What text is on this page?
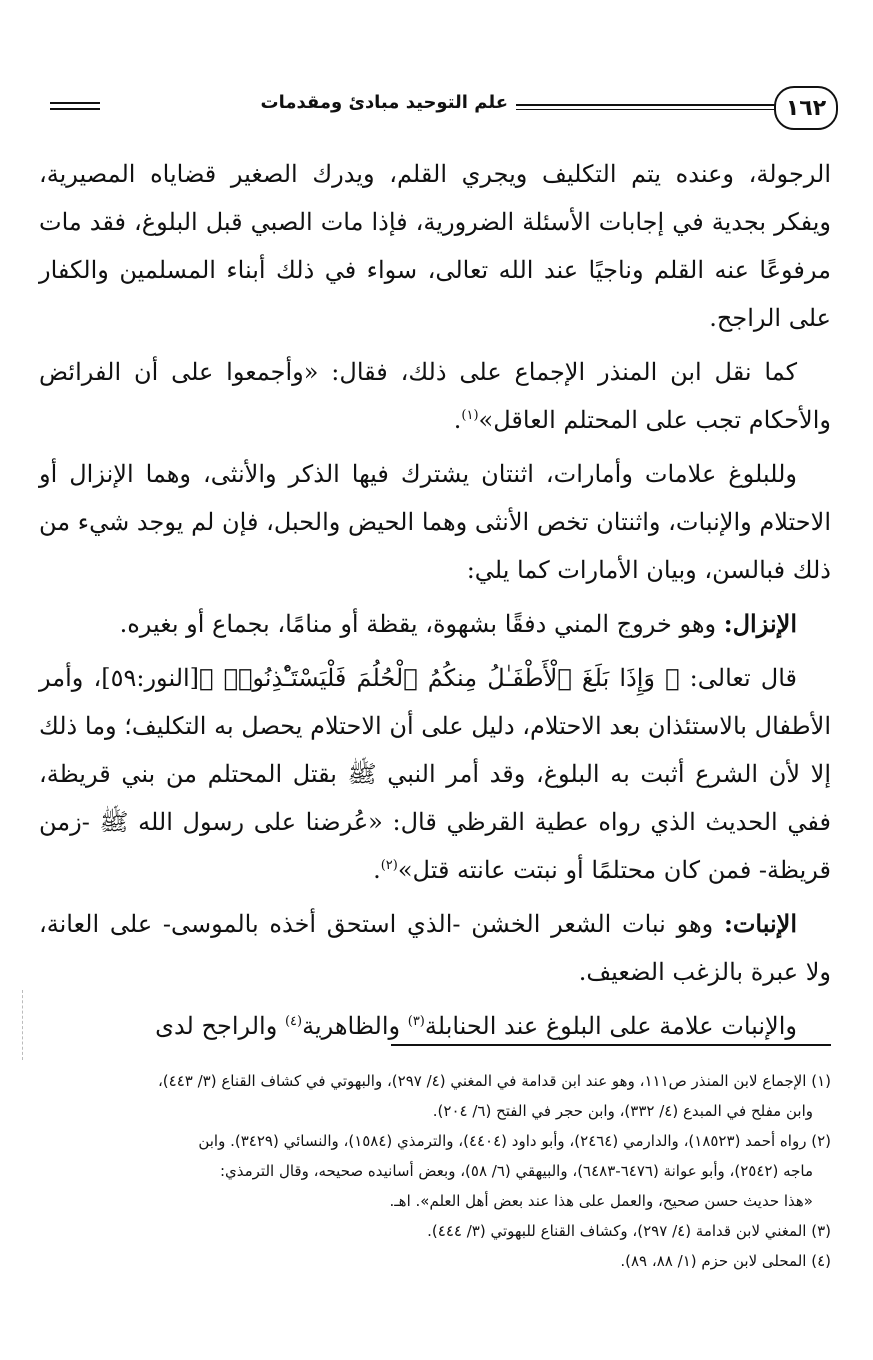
١٦٢
علم التوحيد مبادئ ومقدمات

الرجولة، وعنده يتم التكليف ويجري القلم، ويدرك الصغير قضاياه المصيرية، ويفكر بجدية في إجابات الأسئلة الضرورية، فإذا مات الصبي قبل البلوغ، فقد مات مرفوعًا عنه القلم وناجيًا عند الله تعالى، سواء في ذلك أبناء المسلمين والكفار على الراجح.

كما نقل ابن المنذر الإجماع على ذلك، فقال: «وأجمعوا على أن الفرائض والأحكام تجب على المحتلم العاقل»$^{(١)}$.

وللبلوغ علامات وأمارات، اثنتان يشترك فيها الذكر والأنثى، وهما الإنزال أو الاحتلام والإنبات، واثنتان تخص الأنثى وهما الحيض والحبل، فإن لم يوجد شيء من ذلك فبالسن، وبيان الأمارات كما يلي:

الإنزال: وهو خروج المني دفقًا بشهوة، يقظة أو منامًا، بجماع أو بغيره.

قال تعالى: ﴿ وَإِذَا بَلَغَ ٱلْأَطْفَـٰلُ مِنكُمُ ٱلْحُلُمَ فَلْيَسْتَـْٔذِنُوا۟ ﴾[النور:٥٩]، وأمر الأطفال بالاستئذان بعد الاحتلام، دليل على أن الاحتلام يحصل به التكليف؛ وما ذلك إلا لأن الشرع أثبت به البلوغ، وقد أمر النبي ﷺ بقتل المحتلم من بني قريظة، ففي الحديث الذي رواه عطية القرظي قال: «عُرضنا على رسول الله ﷺ -زمن قريظة- فمن كان محتلمًا أو نبتت عانته قتل»$^{(٢)}$.

الإنبات: وهو نبات الشعر الخشن -الذي استحق أخذه بالموسى- على العانة، ولا عبرة بالزغب الضعيف.

والإنبات علامة على البلوغ عند الحنابلة$^{(٣)}$ والظاهرية$^{(٤)}$ والراجح لدى

(١) الإجماع لابن المنذر ص١١١، وهو عند ابن قدامة في المغني (٤/ ٢٩٧)، والبهوتي في كشاف القناع (٣/ ٤٤٣)،

وابن مفلح في المبدع (٤/ ٣٣٢)، وابن حجر في الفتح (٦/ ٢٠٤).

(٢) رواه أحمد (١٨٥٢٣)، والدارمي (٢٤٦٤)، وأبو داود (٤٤٠٤)، والترمذي (١٥٨٤)، والنسائي (٣٤٢٩). وابن

ماجه (٢٥٤٢)، وأبو عوانة (٦٤٧٦-٦٤٨٣)، والبيهقي (٦/ ٥٨)، وبعض أسانيده صحيحه، وقال الترمذي:

«هذا حديث حسن صحيح، والعمل على هذا عند بعض أهل العلم». اهـ.

(٣) المغني لابن قدامة (٤/ ٢٩٧)، وكشاف القناع للبهوتي (٣/ ٤٤٤).

(٤) المحلى لابن حزم (١/ ٨٨، ٨٩).
